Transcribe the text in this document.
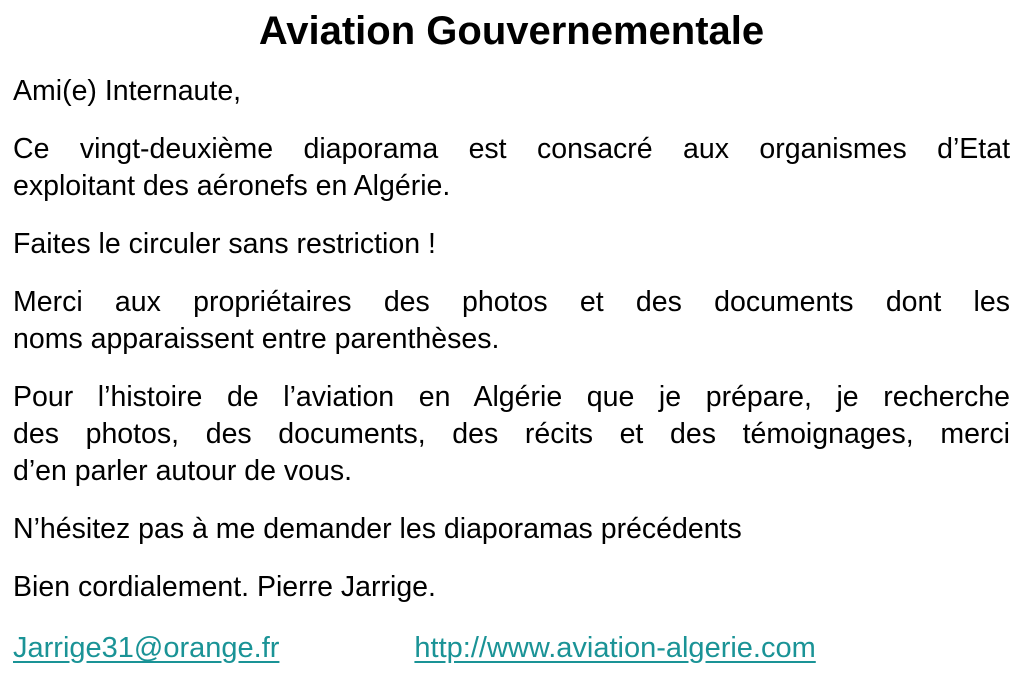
Aviation Gouvernementale
Ami(e) Internaute,
Ce vingt-deuxième diaporama est consacré aux organismes d’Etat
exploitant des aéronefs en Algérie.
Faites le circuler sans restriction !
Merci aux propriétaires des photos et des documents dont les
noms apparaissent entre parenthèses.
Pour l’histoire de l’aviation en Algérie que je prépare, je recherche
des photos, des documents, des récits et des témoignages, merci
d’en parler autour de vous.
N’hésitez pas à me demander les diaporamas précédents
Bien cordialement. Pierre Jarrige.
Jarrige31@orange.fr	http://www.aviation-algerie.com
